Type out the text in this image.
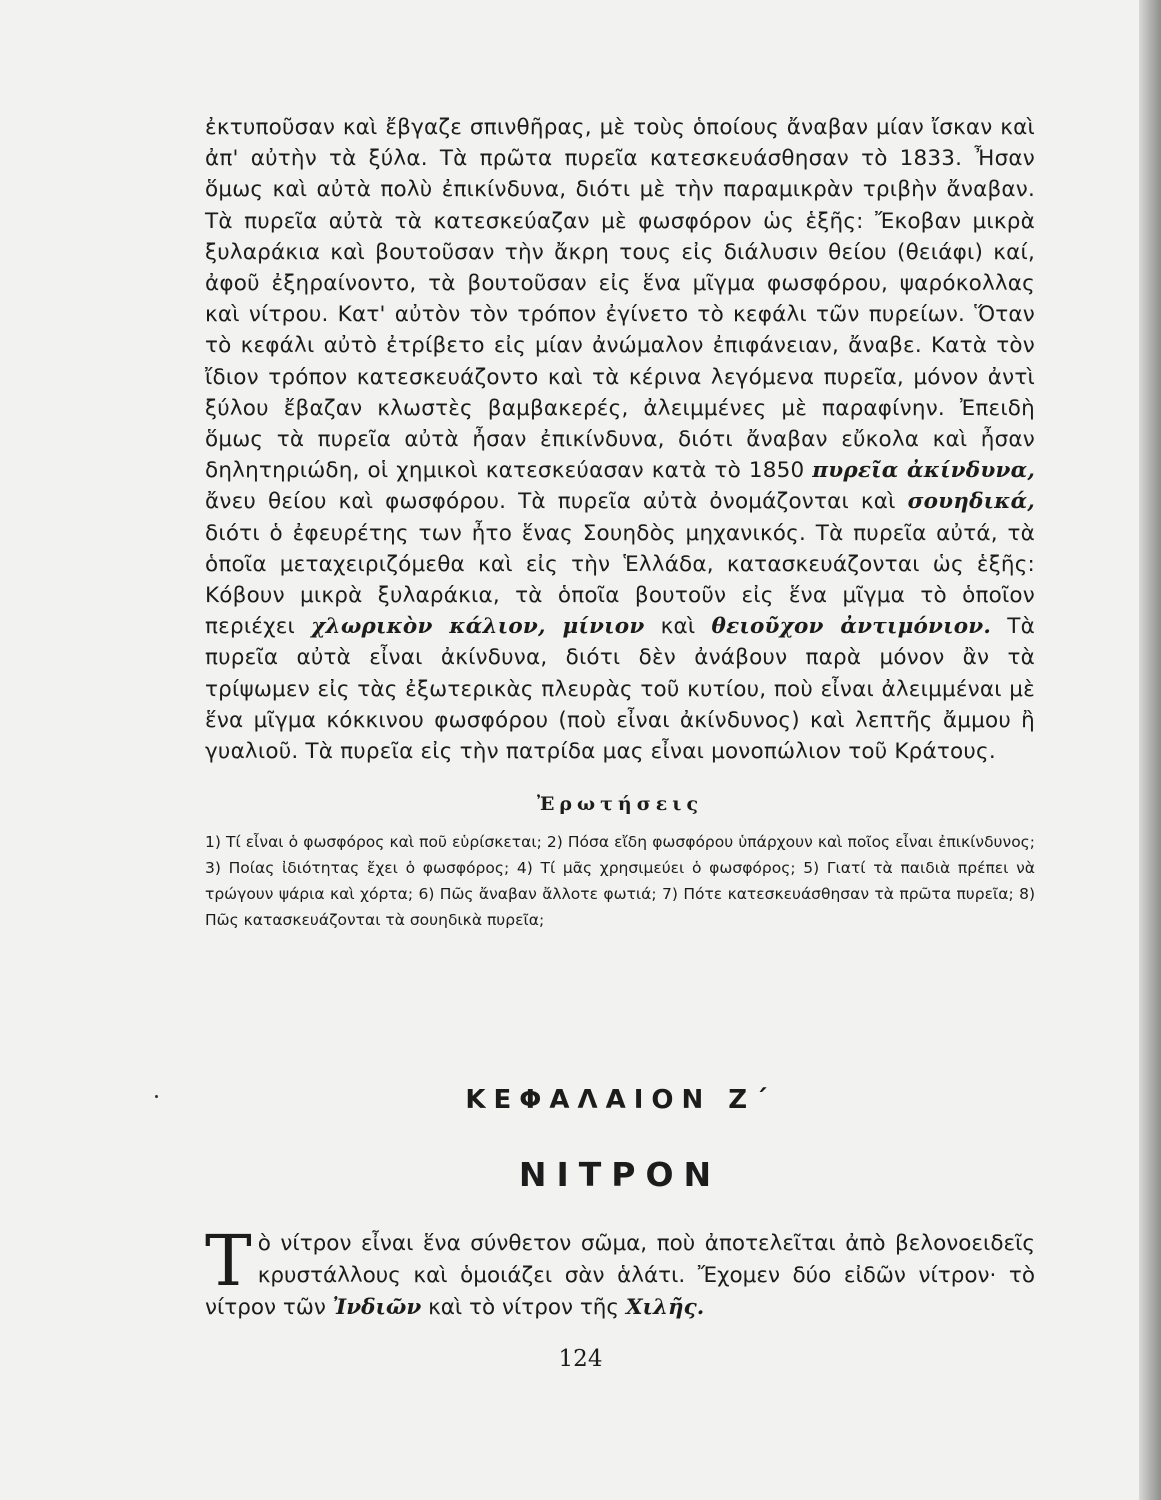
ἐκτυποῦσαν καὶ ἔβγαζε σπινθῆρας, μὲ τοὺς ὁποίους ἄναβαν μίαν ἴσκαν καὶ ἀπ' αὐτὴν τὰ ξύλα. Τὰ πρῶτα πυρεῖα κατεσκευάσθησαν τὸ 1833. Ἦσαν ὅμως καὶ αὐτὰ πολὺ ἐπικίνδυνα, διότι μὲ τὴν παραμικρὰν τριβὴν ἄναβαν. Τὰ πυρεῖα αὐτὰ τὰ κατεσκεύαζαν μὲ φωσφόρον ὡς ἑξῆς: Ἔκοβαν μικρὰ ξυλαράκια καὶ βουτοῦσαν τὴν ἄκρη τους εἰς διάλυσιν θείου (θειάφι) καί, ἀφοῦ ἐξηραίνοντο, τὰ βουτοῦσαν εἰς ἕνα μῖγμα φωσφόρου, ψαρόκολλας καὶ νίτρου. Κατ' αὐτὸν τὸν τρόπον ἐγίνετο τὸ κεφάλι τῶν πυρείων. Ὅταν τὸ κεφάλι αὐτὸ ἐτρίβετο εἰς μίαν ἀνώμαλον ἐπιφάνειαν, ἄναβε. Κατὰ τὸν ἴδιον τρόπον κατεσκευάζοντο καὶ τὰ κέρινα λεγόμενα πυρεῖα, μόνον ἀντὶ ξύλου ἔβαζαν κλωστὲς βαμβακερές, ἀλειμμένες μὲ παραφίνην. Ἐπειδὴ ὅμως τὰ πυρεῖα αὐτὰ ἦσαν ἐπικίνδυνα, διότι ἄναβαν εὔκολα καὶ ἦσαν δηλητηριώδη, οἱ χημικοὶ κατεσκεύασαν κατὰ τὸ 1850 πυρεῖα ἀκίνδυνα, ἄνευ θείου καὶ φωσφόρου. Τὰ πυρεῖα αὐτὰ ὀνομάζονται καὶ σουηδικά, διότι ὁ ἐφευρέτης των ἦτο ἕνας Σουηδὸς μηχανικός. Τὰ πυρεῖα αὐτά, τὰ ὁποῖα μεταχειριζόμεθα καὶ εἰς τὴν Ἑλλάδα, κατασκευάζονται ὡς ἑξῆς: Κόβουν μικρὰ ξυλαράκια, τὰ ὁποῖα βουτοῦν εἰς ἕνα μῖγμα τὸ ὁποῖον περιέχει χλωρικὸν κάλιον, μίνιον καὶ θειοῦχον ἀντιμόνιον. Τὰ πυρεῖα αὐτὰ εἶναι ἀκίνδυνα, διότι δὲν ἀνάβουν παρὰ μόνον ἂν τὰ τρίψωμεν εἰς τὰς ἐξωτερικὰς πλευρὰς τοῦ κυτίου, ποὺ εἶναι ἀλειμμέναι μὲ ἕνα μῖγμα κόκκινου φωσφόρου (ποὺ εἶναι ἀκίνδυνος) καὶ λεπτῆς ἄμμου ἢ γυαλιοῦ. Τὰ πυρεῖα εἰς τὴν πατρίδα μας εἶναι μονοπώλιον τοῦ Κράτους.

Ἐρωτήσεις

1) Τί εἶναι ὁ φωσφόρος καὶ ποῦ εὑρίσκεται; 2) Πόσα εἴδη φωσφόρου ὑπάρχουν καὶ ποῖος εἶναι ἐπικίνδυνος; 3) Ποίας ἰδιότητας ἔχει ὁ φωσφόρος; 4) Τί μᾶς χρησιμεύει ὁ φωσφόρος; 5) Γιατί τὰ παιδιὰ πρέπει νὰ τρώγουν ψάρια καὶ χόρτα; 6) Πῶς ἄναβαν ἄλλοτε φωτιά; 7) Πότε κατεσκευάσθησαν τὰ πρῶτα πυρεῖα; 8) Πῶς κατασκευάζονται τὰ σουηδικὰ πυρεῖα;

ΚΕΦΑΛΑΙΟΝ Ζ΄
ΝΙΤΡΟΝ
Τ ὸ νίτρον εἶναι ἕνα σύνθετον σῶμα, ποὺ ἀποτελεῖται ἀπὸ βελονοειδεῖς κρυστάλλους καὶ ὁμοιάζει σὰν ἁλάτι. Ἔχομεν δύο εἰδῶν νίτρον· τὸ νίτρον τῶν Ἰνδιῶν καὶ τὸ νίτρον τῆς Χιλῆς.

124
